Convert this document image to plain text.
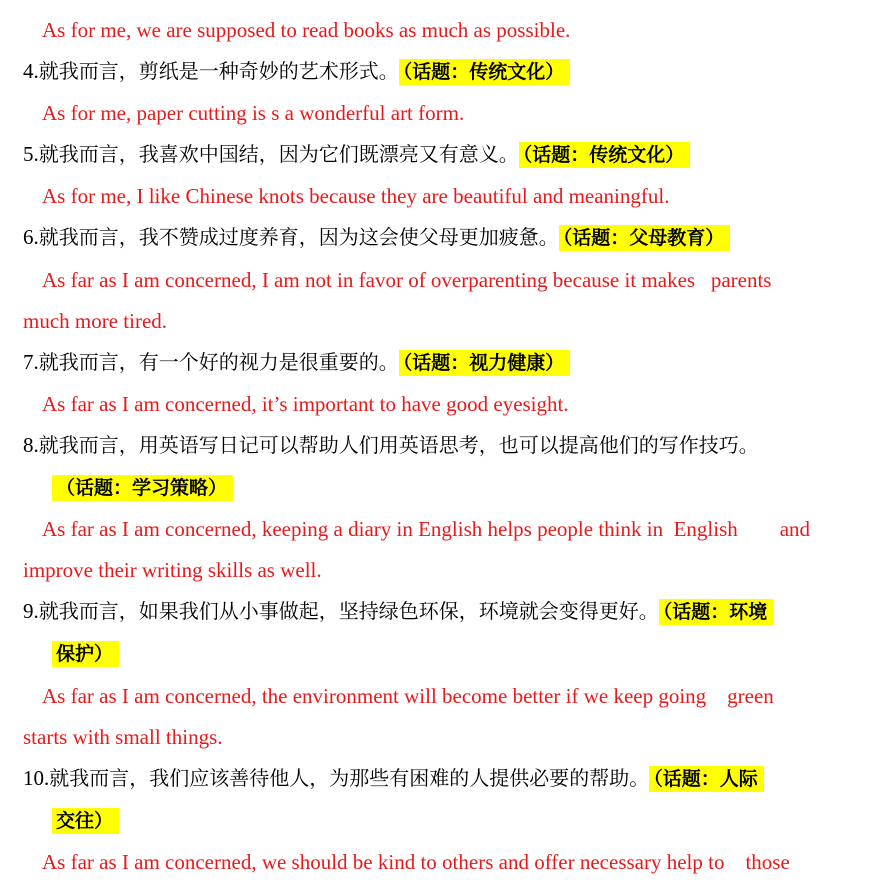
As for me, we are supposed to read books as much as possible.
4.就我而言，剪纸是一种奇妙的艺术形式。 （话题：传统文化）
As for me, paper cutting is s a wonderful art form.
5.就我而言，我喜欢中国结，因为它们既漂亮又有意义。 （话题：传统文化）
As for me, I like Chinese knots because they are beautiful and meaningful.
6.就我而言，我不赞成过度养育，因为这会使父母更加疲惫。 （话题：父母教育）
As far as I am concerned, I am not in favor of overparenting because it makes   parents
much more tired.
7.就我而言，有一个好的视力是很重要的。 （话题：视力健康）
As far as I am concerned, it’s important to have good eyesight.
8.就我而言，用英语写日记可以帮助人们用英语思考，也可以提高他们的写作技巧。
（话题：学习策略）
As far as I am concerned, keeping a diary in English helps people think in  English        and
improve their writing skills as well.
9.就我而言，如果我们从小事做起，坚持绿色环保，环境就会变得更好。 （话题：环境
保护）
As far as I am concerned, the environment will become better if we keep going    green
starts with small things.
10.就我而言，我们应该善待他人，为那些有困难的人提供必要的帮助。 （话题：人际
交往）
As far as I am concerned, we should be kind to others and offer necessary help to    those
